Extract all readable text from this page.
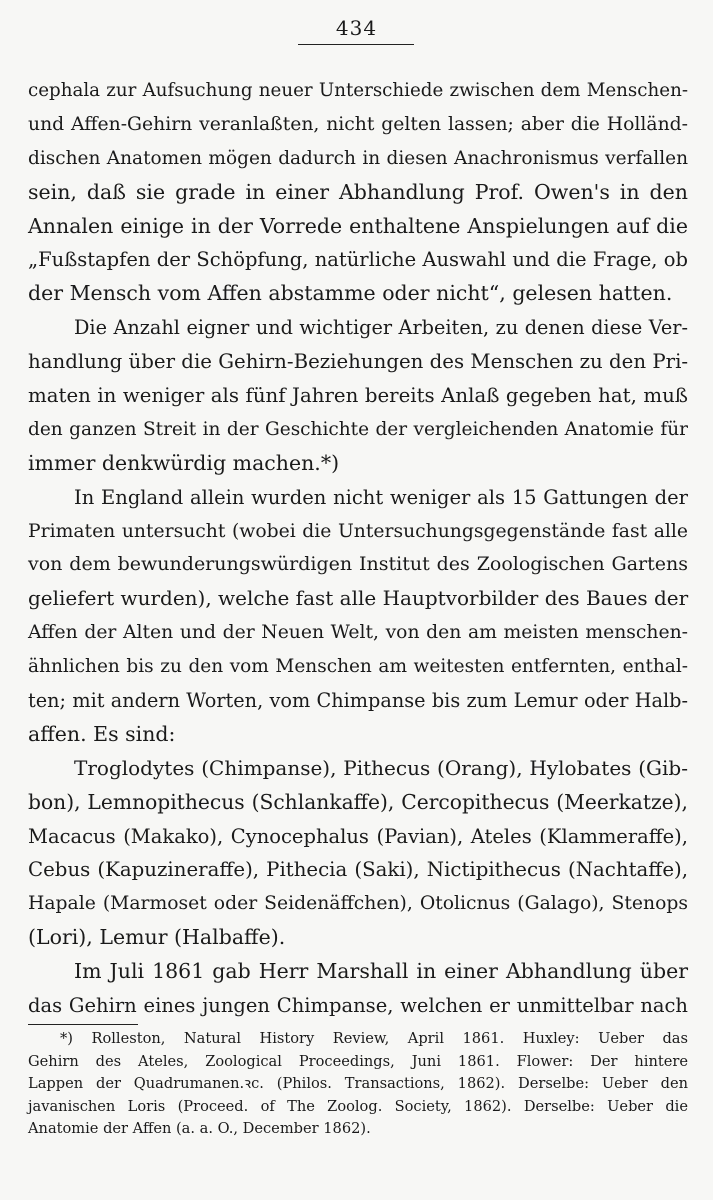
434
cephala zur Aufsuchung neuer Unterschiede zwischen dem Menschen-
und Affen-Gehirn veranlaßten, nicht gelten lassen; aber die Holländ-
dischen Anatomen mögen dadurch in diesen Anachronismus verfallen
sein, daß sie grade in einer Abhandlung Prof. Owen's in den
Annalen einige in der Vorrede enthaltene Anspielungen auf die
„Fußstapfen der Schöpfung, natürliche Auswahl und die Frage, ob
der Mensch vom Affen abstamme oder nicht“, gelesen hatten.
Die Anzahl eigner und wichtiger Arbeiten, zu denen diese Ver-
handlung über die Gehirn-Beziehungen des Menschen zu den Pri-
maten in weniger als fünf Jahren bereits Anlaß gegeben hat, muß
den ganzen Streit in der Geschichte der vergleichenden Anatomie für
immer denkwürdig machen.*)
In England allein wurden nicht weniger als 15 Gattungen der
Primaten untersucht (wobei die Untersuchungsgegenstände fast alle
von dem bewunderungswürdigen Institut des Zoologischen Gartens
geliefert wurden), welche fast alle Hauptvorbilder des Baues der
Affen der Alten und der Neuen Welt, von den am meisten menschen-
ähnlichen bis zu den vom Menschen am weitesten entfernten, enthal-
ten; mit andern Worten, vom Chimpanse bis zum Lemur oder Halb-
affen. Es sind:
Troglodytes (Chimpanse), Pithecus (Orang), Hylobates (Gib-
bon), Lemnopithecus (Schlankaffe), Cercopithecus (Meerkatze),
Macacus (Makako), Cynocephalus (Pavian), Ateles (Klammeraffe),
Cebus (Kapuzineraffe), Pithecia (Saki), Nictipithecus (Nachtaffe),
Hapale (Marmoset oder Seidenäffchen), Otolicnus (Galago), Stenops
(Lori), Lemur (Halbaffe).
Im Juli 1861 gab Herr Marshall in einer Abhandlung über
das Gehirn eines jungen Chimpanse, welchen er unmittelbar nach
*) Rolleston, Natural History Review, April 1861. Huxley: Ueber das
Gehirn des Ateles, Zoological Proceedings, Juni 1861. Flower: Der hintere
Lappen der Quadrumanen.ꝛc. (Philos. Transactions, 1862). Derselbe: Ueber den
javanischen Loris (Proceed. of The Zoolog. Society, 1862). Derselbe: Ueber die
Anatomie der Affen (a. a. O., December 1862).
